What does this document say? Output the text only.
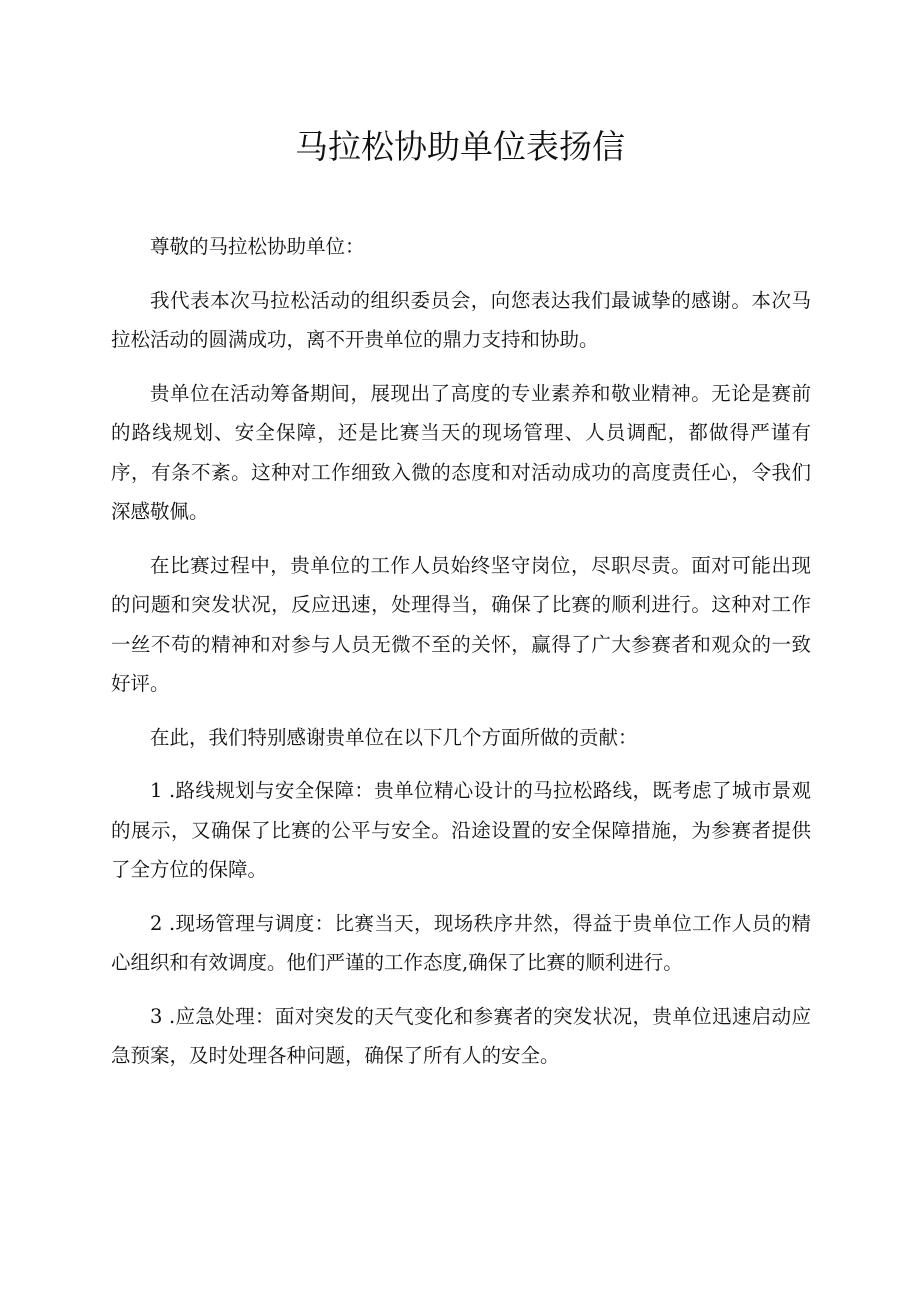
马拉松协助单位表扬信

尊敬的马拉松协助单位：

我代表本次马拉松活动的组织委员会，向您表达我们最诚挚的感谢。本次马拉松活动的圆满成功，离不开贵单位的鼎力支持和协助。

贵单位在活动筹备期间，展现出了高度的专业素养和敬业精神。无论是赛前的路线规划、安全保障，还是比赛当天的现场管理、人员调配，都做得严谨有序，有条不紊。这种对工作细致入微的态度和对活动成功的高度责任心，令我们深感敬佩。

在比赛过程中，贵单位的工作人员始终坚守岗位，尽职尽责。面对可能出现的问题和突发状况，反应迅速，处理得当，确保了比赛的顺利进行。这种对工作一丝不苟的精神和对参与人员无微不至的关怀，赢得了广大参赛者和观众的一致好评。

在此，我们特别感谢贵单位在以下几个方面所做的贡献：

1 .路线规划与安全保障：贵单位精心设计的马拉松路线，既考虑了城市景观的展示，又确保了比赛的公平与安全。沿途设置的安全保障措施，为参赛者提供了全方位的保障。

2 .现场管理与调度：比赛当天，现场秩序井然，得益于贵单位工作人员的精心组织和有效调度。他们严谨的工作态度,确保了比赛的顺利进行。

3 .应急处理：面对突发的天气变化和参赛者的突发状况，贵单位迅速启动应急预案，及时处理各种问题，确保了所有人的安全。
